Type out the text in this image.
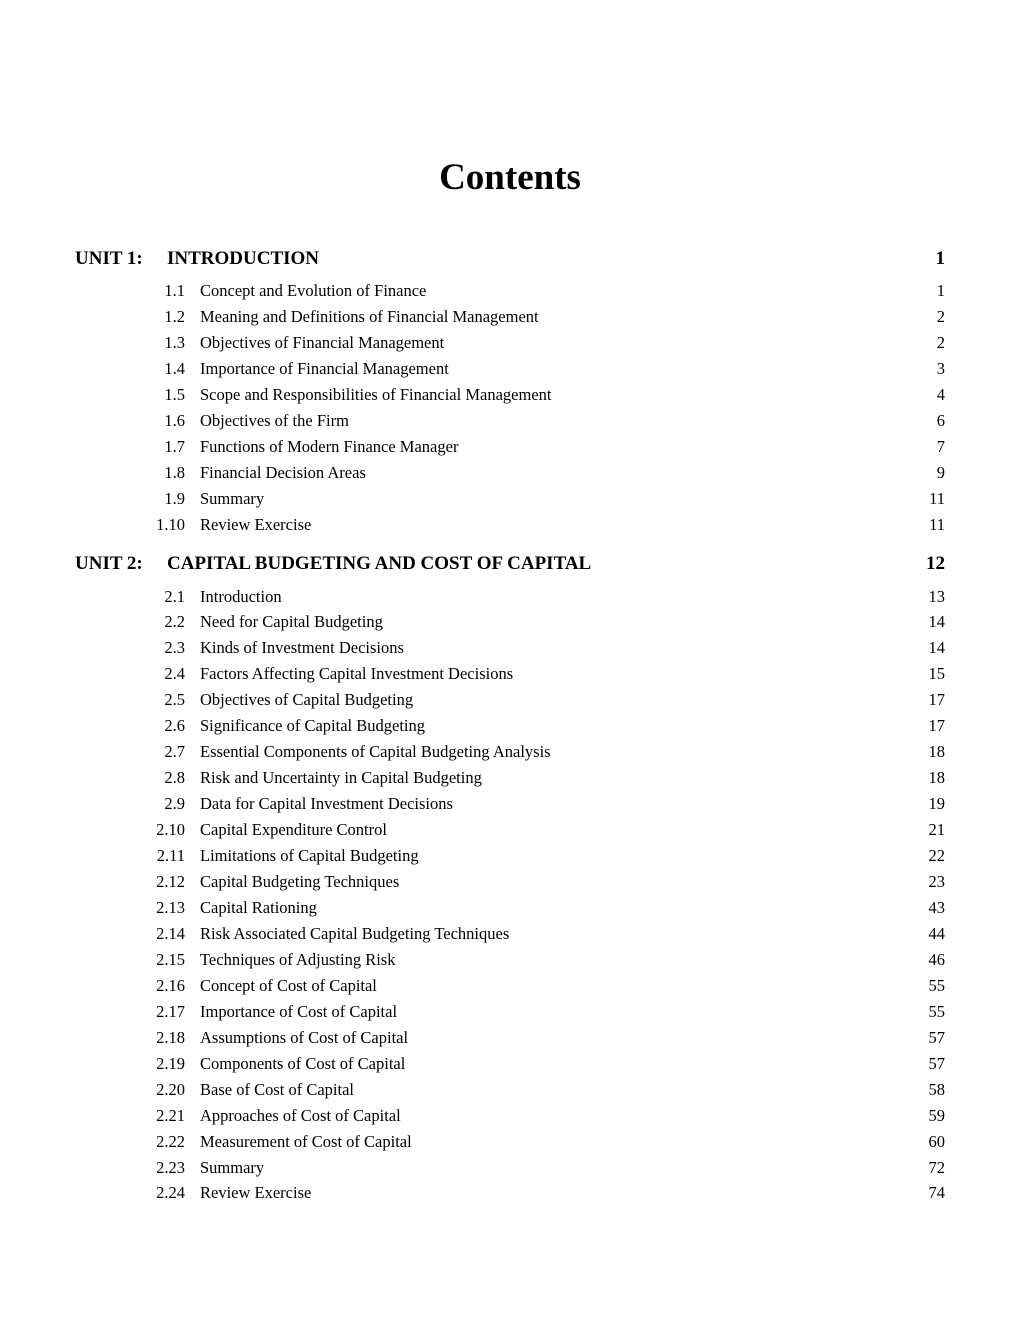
Contents
UNIT 1: INTRODUCTION	1
1.1 Concept and Evolution of Finance	1
1.2 Meaning and Definitions of Financial Management	2
1.3 Objectives of Financial Management	2
1.4 Importance of Financial Management	3
1.5 Scope and Responsibilities of Financial Management	4
1.6 Objectives of the Firm	6
1.7 Functions of Modern Finance Manager	7
1.8 Financial Decision Areas	9
1.9 Summary	11
1.10 Review Exercise	11
UNIT 2: CAPITAL BUDGETING AND COST OF CAPITAL	12
2.1 Introduction	13
2.2 Need for Capital Budgeting	14
2.3 Kinds of Investment Decisions	14
2.4 Factors Affecting Capital Investment Decisions	15
2.5 Objectives of Capital Budgeting	17
2.6 Significance of Capital Budgeting	17
2.7 Essential Components of Capital Budgeting Analysis	18
2.8 Risk and Uncertainty in Capital Budgeting	18
2.9 Data for Capital Investment Decisions	19
2.10 Capital Expenditure Control	21
2.11 Limitations of Capital Budgeting	22
2.12 Capital Budgeting Techniques	23
2.13 Capital Rationing	43
2.14 Risk Associated Capital Budgeting Techniques	44
2.15 Techniques of Adjusting Risk	46
2.16 Concept of Cost of Capital	55
2.17 Importance of Cost of Capital	55
2.18 Assumptions of Cost of Capital	57
2.19 Components of Cost of Capital	57
2.20 Base of Cost of Capital	58
2.21 Approaches of Cost of Capital	59
2.22 Measurement of Cost of Capital	60
2.23 Summary	72
2.24 Review Exercise	74
